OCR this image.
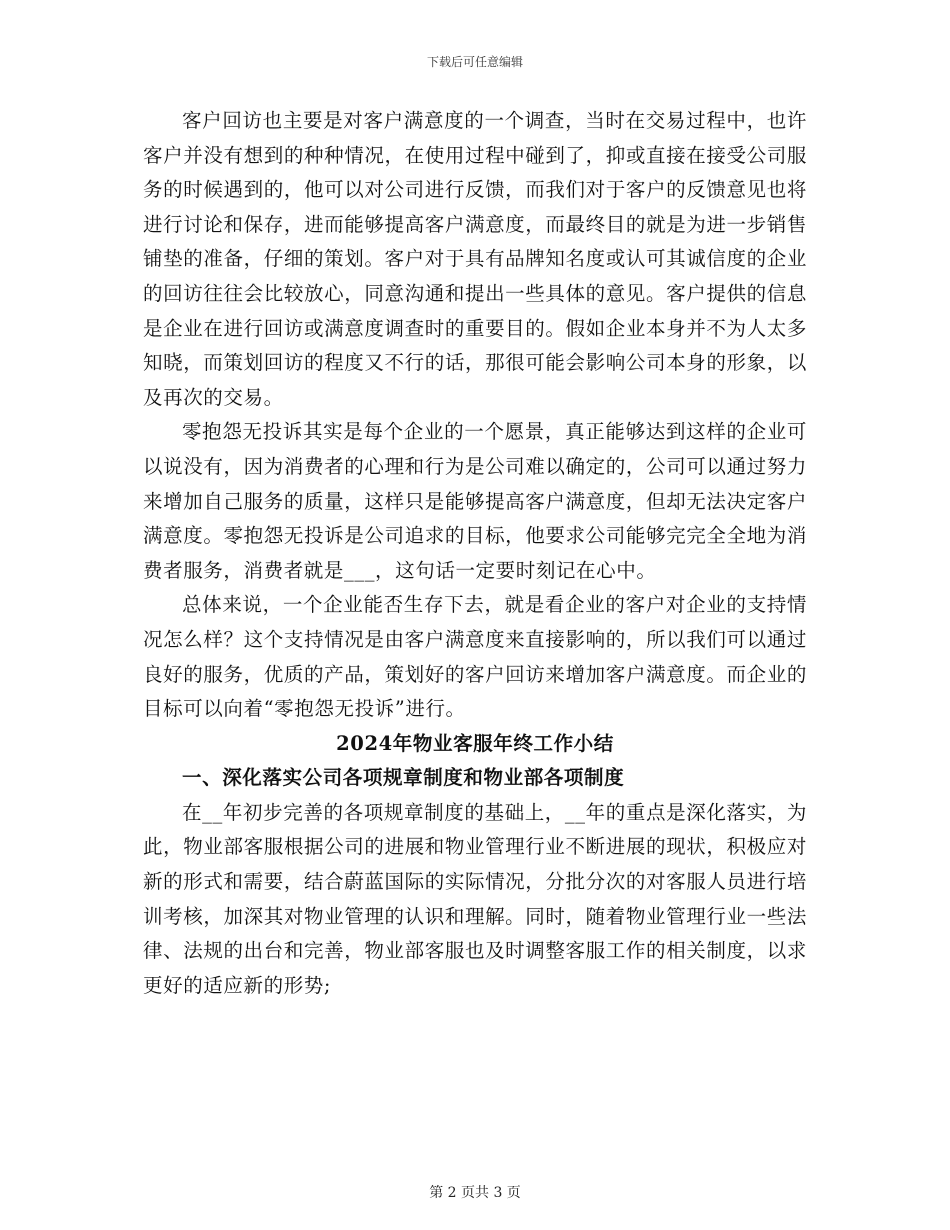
下载后可任意编辑

客户回访也主要是对客户满意度的一个调查，当时在交易过程中，也许客户并没有想到的种种情况，在使用过程中碰到了，抑或直接在接受公司服务的时候遇到的，他可以对公司进行反馈，而我们对于客户的反馈意见也将进行讨论和保存，进而能够提高客户满意度，而最终目的就是为进一步销售铺垫的准备，仔细的策划。客户对于具有品牌知名度或认可其诚信度的企业的回访往往会比较放心，同意沟通和提出一些具体的意见。客户提供的信息是企业在进行回访或满意度调查时的重要目的。假如企业本身并不为人太多知晓，而策划回访的程度又不行的话，那很可能会影响公司本身的形象，以及再次的交易。

零抱怨无投诉其实是每个企业的一个愿景，真正能够达到这样的企业可以说没有，因为消费者的心理和行为是公司难以确定的，公司可以通过努力来增加自己服务的质量，这样只是能够提高客户满意度，但却无法决定客户满意度。零抱怨无投诉是公司追求的目标，他要求公司能够完完全全地为消费者服务，消费者就是___，这句话一定要时刻记在心中。

总体来说，一个企业能否生存下去，就是看企业的客户对企业的支持情况怎么样？这个支持情况是由客户满意度来直接影响的，所以我们可以通过良好的服务，优质的产品，策划好的客户回访来增加客户满意度。而企业的目标可以向着“零抱怨无投诉”进行。

2024年物业客服年终工作小结

一、深化落实公司各项规章制度和物业部各项制度

在__年初步完善的各项规章制度的基础上，__年的重点是深化落实，为此，物业部客服根据公司的进展和物业管理行业不断进展的现状，积极应对新的形式和需要，结合蔚蓝国际的实际情况，分批分次的对客服人员进行培训考核，加深其对物业管理的认识和理解。同时，随着物业管理行业一些法律、法规的出台和完善，物业部客服也及时调整客服工作的相关制度，以求更好的适应新的形势;

第 2 页共 3 页
